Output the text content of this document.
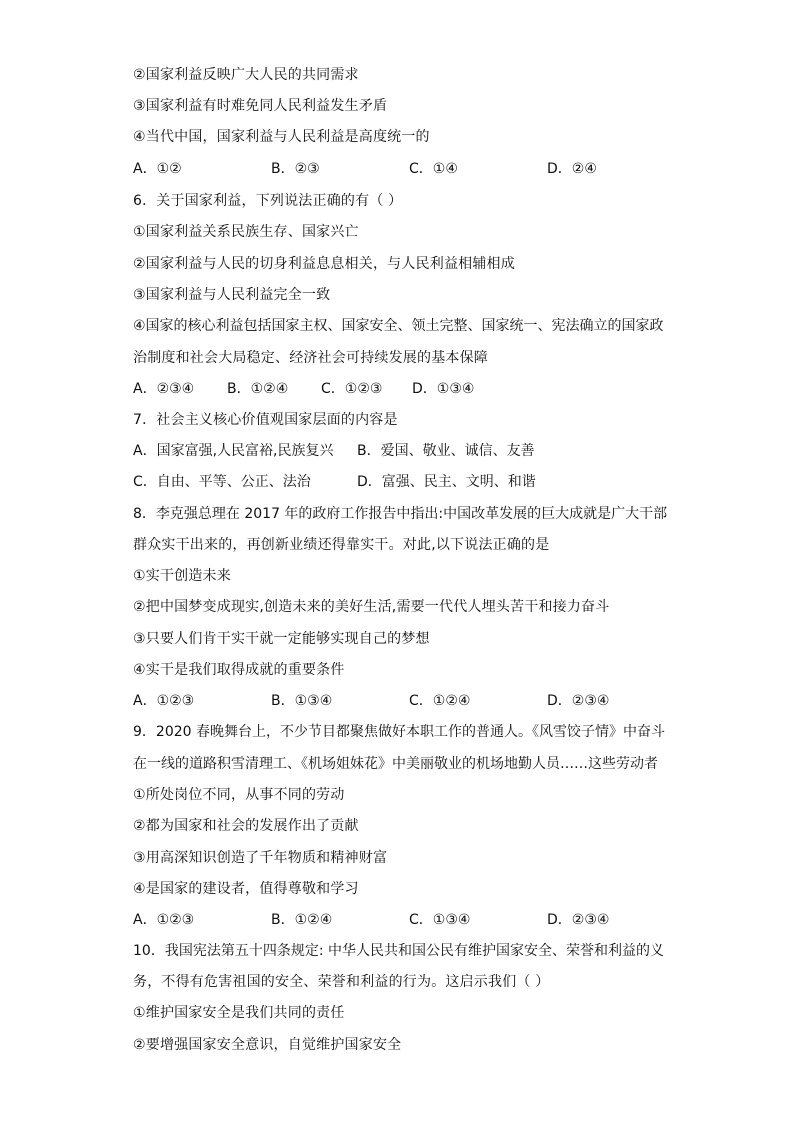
②国家利益反映广大人民的共同需求
③国家利益有时难免同人民利益发生矛盾
④当代中国，国家利益与人民利益是高度统一的
A．①②	B．②③	C．①④	D．②④
6．关于国家利益，下列说法正确的有（ ）
①国家利益关系民族生存、国家兴亡
②国家利益与人民的切身利益息息相关，与人民利益相辅相成
③国家利益与人民利益完全一致
④国家的核心利益包括国家主权、国家安全、领土完整、国家统一、宪法确立的国家政
治制度和社会大局稳定、经济社会可持续发展的基本保障
A．②③④ B．①②④ C．①②③ D．①③④
7．社会主义核心价值观国家层面的内容是
A．国家富强,人民富裕,民族复兴 B．爱国、敬业、诚信、友善
C．自由、平等、公正、法治	D．富强、民主、文明、和谐
8．李克强总理在 2017 年的政府工作报告中指出:中国改革发展的巨大成就是广大干部
群众实干出来的，再创新业绩还得靠实干。对此,以下说法正确的是
①实干创造未来
②把中国梦变成现实,创造未来的美好生活,需要一代代人埋头苦干和接力奋斗
③只要人们肯干实干就一定能够实现自己的梦想
④实干是我们取得成就的重要条件
A．①②③	B．①③④	C．①②④	D．②③④
9．2020 春晚舞台上，不少节目都聚焦做好本职工作的普通人。《风雪饺子情》中奋斗
在一线的道路积雪清理工、《机场姐妹花》中美丽敬业的机场地勤人员……这些劳动者
①所处岗位不同，从事不同的劳动
②都为国家和社会的发展作出了贡献
③用高深知识创造了千年物质和精神财富
④是国家的建设者，值得尊敬和学习
A．①②③	B．①②④	C．①③④	D．②③④
10．我国宪法第五十四条规定: 中华人民共和国公民有维护国家安全、荣誉和利益的义
务，不得有危害祖国的安全、荣誉和利益的行为。这启示我们（ ）
①维护国家安全是我们共同的责任
②要增强国家安全意识，自觉维护国家安全
